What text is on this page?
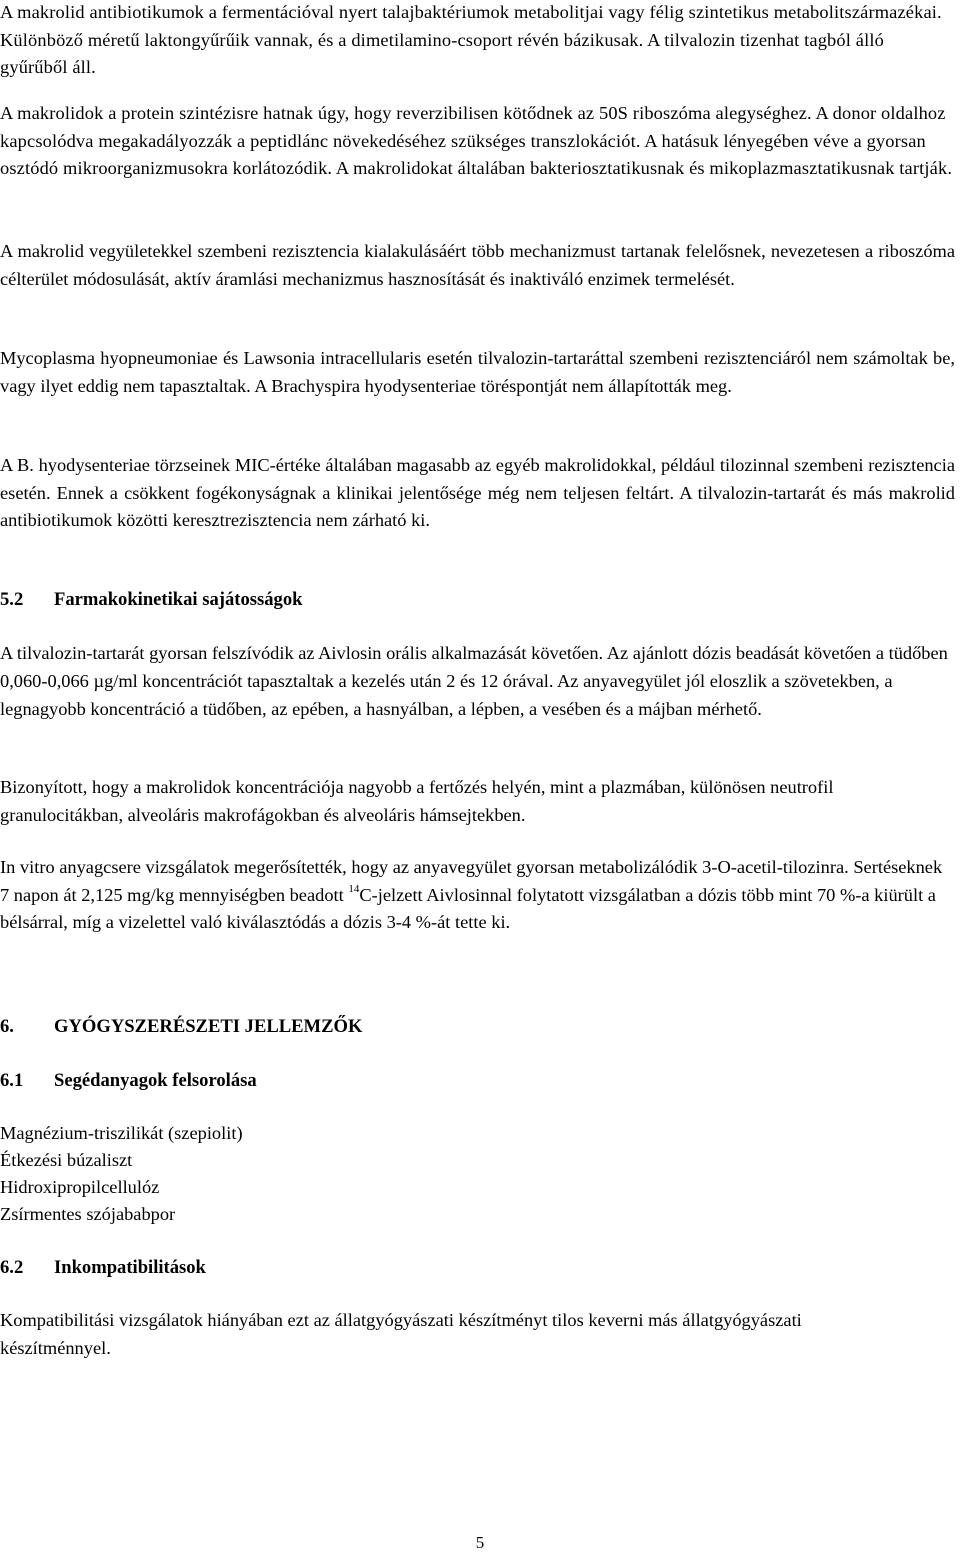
A makrolid antibiotikumok a fermentációval nyert talajbaktériumok metabolitjai vagy félig szintetikus metabolitszármazékai. Különböző méretű laktongyűrűik vannak, és a dimetilamino-csoport révén bázikusak. A tilvalozin tizenhat tagból álló gyűrűből áll.

A makrolidok a protein szintézisre hatnak úgy, hogy reverzibilisen kötődnek az 50S riboszóma alegységhez. A donor oldalhoz kapcsolódva megakadályozzák a peptidlánc növekedéséhez szükséges transzlokációt. A hatásuk lényegében véve a gyorsan osztódó mikroorganizmusokra korlátozódik. A makrolidokat általában bakteriosztatikusnak és mikoplazmasztatikusnak tartják.

A makrolid vegyületekkel szembeni rezisztencia kialakulásáért több mechanizmust tartanak felelősnek, nevezetesen a riboszóma célterület módosulását, aktív áramlási mechanizmus hasznosítását és inaktiváló enzimek termelését.

Mycoplasma hyopneumoniae és Lawsonia intracellularis esetén tilvalozin-tartaráttal szembeni rezisztenciáról nem számoltak be, vagy ilyet eddig nem tapasztaltak. A Brachyspira hyodysenteriae töréspontját nem állapították meg.

A B. hyodysenteriae törzseinek MIC-értéke általában magasabb az egyéb makrolidokkal, például tilozinnal szembeni rezisztencia esetén. Ennek a csökkent fogékonyságnak a klinikai jelentősége még nem teljesen feltárt. A tilvalozin-tartarát és más makrolid antibiotikumok közötti keresztrezisztencia nem zárható ki.

5.2 Farmakokinetikai sajátosságok

A tilvalozin-tartarát gyorsan felszívódik az Aivlosin orális alkalmazását követően. Az ajánlott dózis beadását követően a tüdőben 0,060-0,066 µg/ml koncentrációt tapasztaltak a kezelés után 2 és 12 órával. Az anyavegyület jól eloszlik a szövetekben, a legnagyobb koncentráció a tüdőben, az epében, a hasnyálban, a lépben, a vesében és a májban mérhető.

Bizonyított, hogy a makrolidok koncentrációja nagyobb a fertőzés helyén, mint a plazmában, különösen neutrofil granulocitákban, alveoláris makrofágokban és alveoláris hámsejtekben.

In vitro anyagcsere vizsgálatok megerősítették, hogy az anyavegyület gyorsan metabolizálódik 3-O-acetil-tilozinra. Sertéseknek 7 napon át 2,125 mg/kg mennyiségben beadott $^{14}$C-jelzett Aivlosinnal folytatott vizsgálatban a dózis több mint 70 %-a kiürült a bélsárral, míg a vizelettel való kiválasztódás a dózis 3-4 %-át tette ki.

6. GYÓGYSZERÉSZETI JELLEMZŐK
6.1 Segédanyagok felsorolása
Magnézium-triszilikát (szepiolit)
Étkezési búzaliszt
Hidroxipropilcellulóz
Zsírmentes szójababpor
6.2 Inkompatibilitások

Kompatibilitási vizsgálatok hiányában ezt az állatgyógyászati készítményt tilos keverni más állatgyógyászati készítménnyel.

5
